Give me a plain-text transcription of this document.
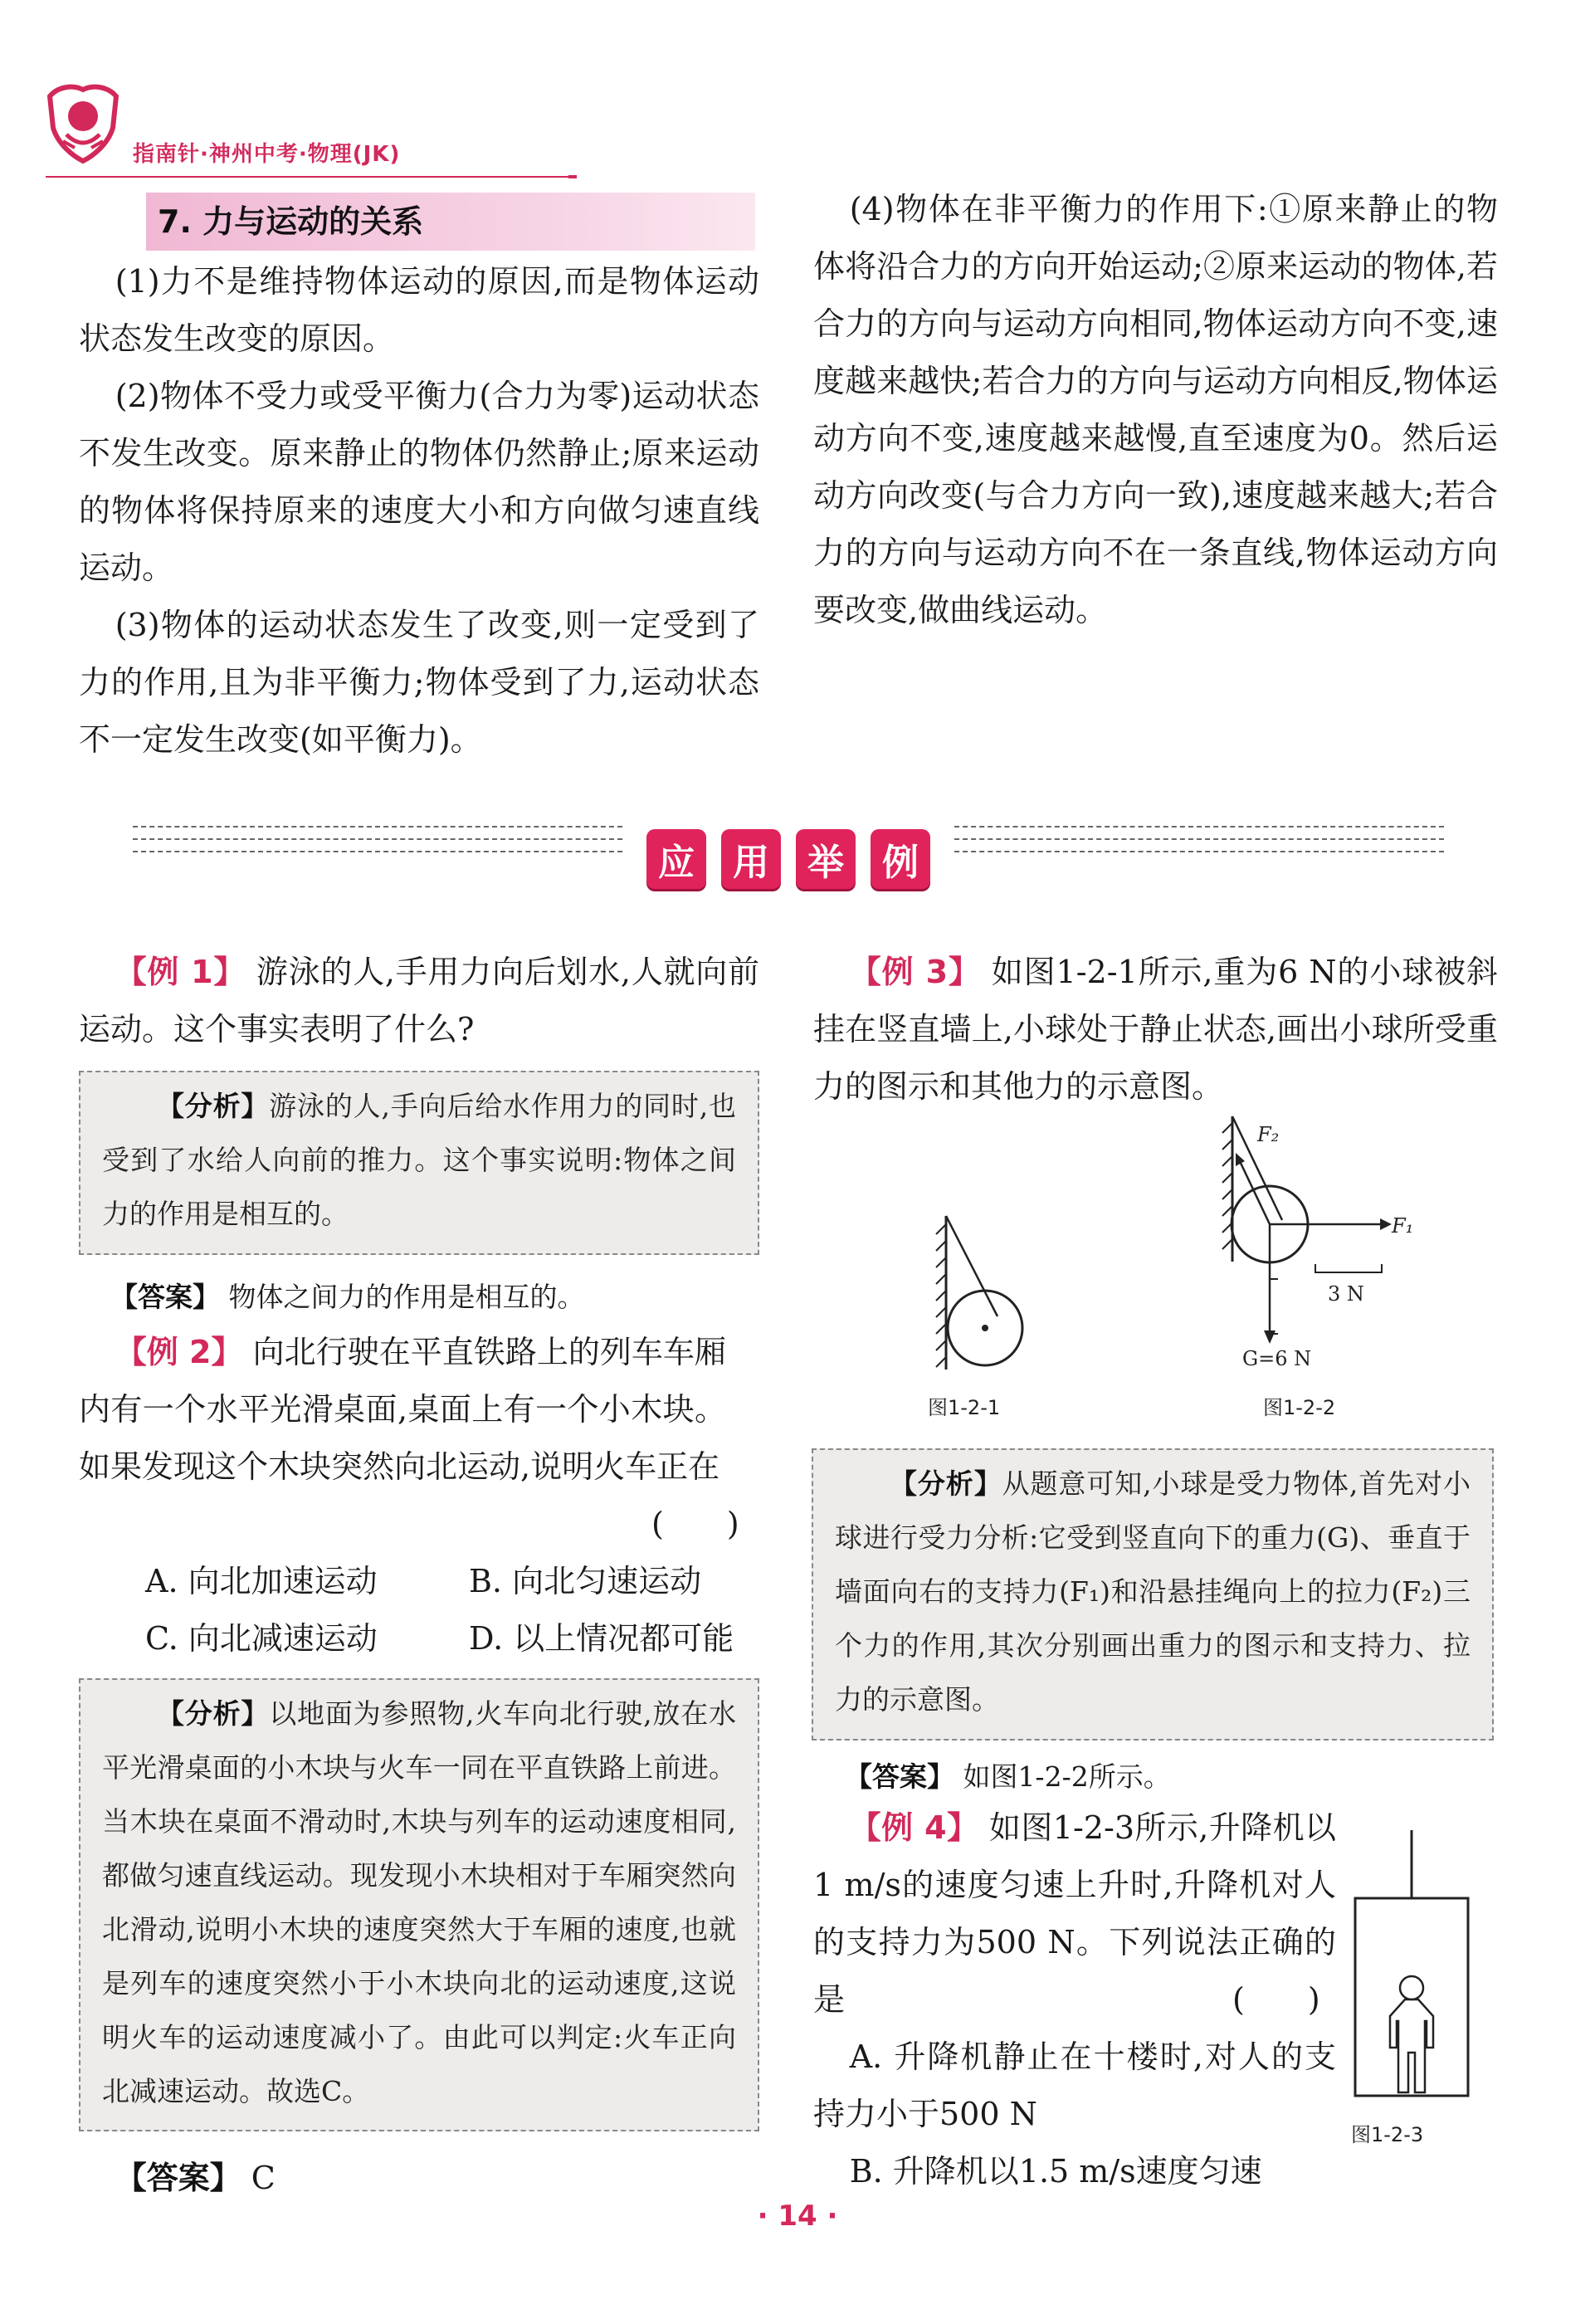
指南针·神州中考·物理(JK)
7. 力与运动的关系

(1)力不是维持物体运动的原因,而是物体运动状态发生改变的原因。

(2)物体不受力或受平衡力(合力为零)运动状态不发生改变。原来静止的物体仍然静止;原来运动的物体将保持原来的速度大小和方向做匀速直线运动。

(3)物体的运动状态发生了改变,则一定受到了力的作用,且为非平衡力;物体受到了力,运动状态不一定发生改变(如平衡力)。

(4)物体在非平衡力的作用下:①原来静止的物体将沿合力的方向开始运动;②原来运动的物体,若合力的方向与运动方向相同,物体运动方向不变,速度越来越快;若合力的方向与运动方向相反,物体运动方向不变,速度越来越慢,直至速度为0。然后运动方向改变(与合力方向一致),速度越来越大;若合力的方向与运动方向不在一条直线,物体运动方向要改变,做曲线运动。

应	用	举	例

【例 1】 游泳的人,手用力向后划水,人就向前运动。这个事实表明了什么?

【分析】游泳的人,手向后给水作用力的同时,也受到了水给人向前的推力。这个事实说明:物体之间力的作用是相互的。

【答案】 物体之间力的作用是相互的。

【例 2】 向北行驶在平直铁路上的列车车厢内有一个水平光滑桌面,桌面上有一个小木块。如果发现这个木块突然向北运动,说明火车正在

(　　)
A. 向北加速运动	B. 向北匀速运动
C. 向北减速运动	D. 以上情况都可能

【分析】以地面为参照物,火车向北行驶,放在水平光滑桌面的小木块与火车一同在平直铁路上前进。当木块在桌面不滑动时,木块与列车的运动速度相同,都做匀速直线运动。现发现小木块相对于车厢突然向北滑动,说明小木块的速度突然大于车厢的速度,也就是列车的速度突然小于小木块向北的运动速度,这说明火车的运动速度减小了。由此可以判定:火车正向北减速运动。故选C。

【答案】 C

【例 3】 如图1-2-1所示,重为6 N的小球被斜挂在竖直墙上,小球处于静止状态,画出小球所受重力的图示和其他力的示意图。

图1-2-1
F₂
F₁
3 N
G=6 N
图1-2-2

【分析】从题意可知,小球是受力物体,首先对小球进行受力分析:它受到竖直向下的重力(G)、垂直于墙面向右的支持力(F₁)和沿悬挂绳向上的拉力(F₂)三个力的作用,其次分别画出重力的图示和支持力、拉力的示意图。

【答案】 如图1-2-2所示。

【例 4】 如图1-2-3所示,升降机以1 m/s的速度匀速上升时,升降机对人的支持力为500 N。下列说法正确的是	(　　)

A. 升降机静止在十楼时,对人的支持力小于500 N

B. 升降机以1.5 m/s速度匀速

图1-2-3
· 14 ·
